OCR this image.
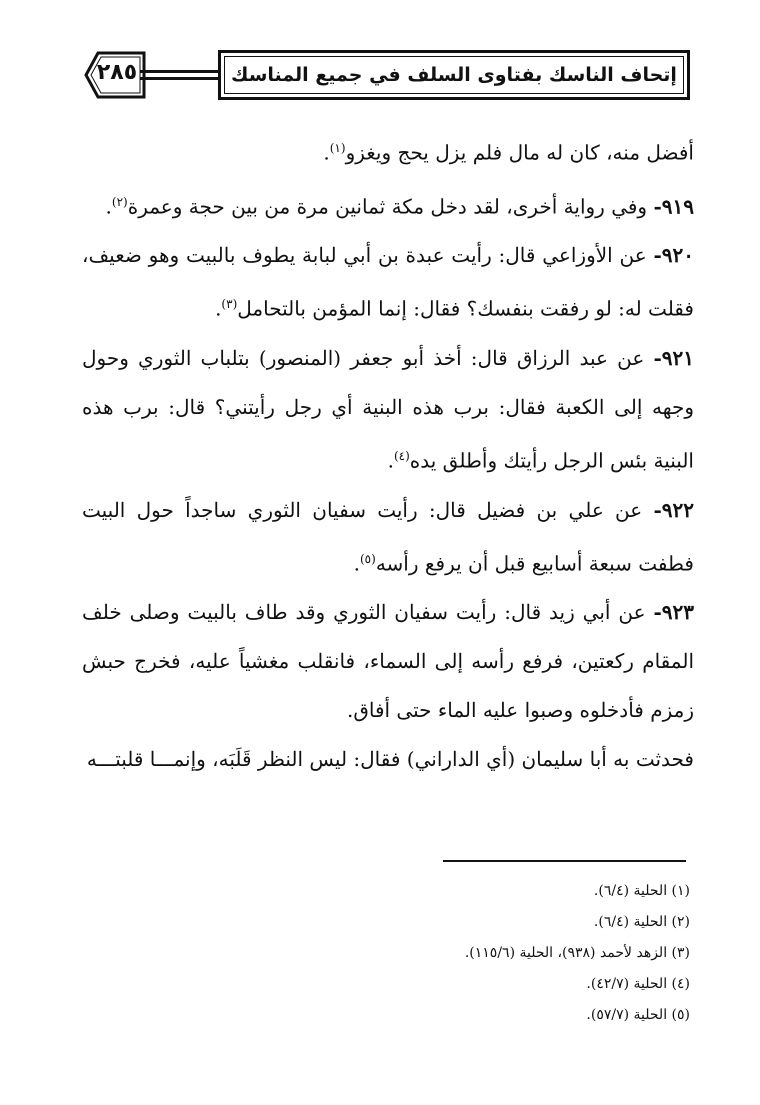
٢٨٥	إتحاف الناسك بفتاوى السلف في جميع المناسك

أفضل منه، كان له مال فلم يزل يحج ويغزو$^{(١)}$.

٩١٩- وفي رواية أخرى، لقد دخل مكة ثمانين مرة من بين حجة وعمرة$^{(٢)}$.

٩٢٠- عن الأوزاعي قال: رأيت عبدة بن أبي لبابة يطوف بالبيت وهو ضعيف، فقلت له: لو رفقت بنفسك؟ فقال: إنما المؤمن بالتحامل$^{(٣)}$.

٩٢١- عن عبد الرزاق قال: أخذ أبو جعفر (المنصور) بتلباب الثوري وحول وجهه إلى الكعبة فقال: برب هذه البنية أي رجل رأيتني؟ قال: برب هذه البنية بئس الرجل رأيتك وأطلق يده$^{(٤)}$.

٩٢٢- عن علي بن فضيل قال: رأيت سفيان الثوري ساجداً حول البيت فطفت سبعة أسابيع قبل أن يرفع رأسه$^{(٥)}$.

٩٢٣- عن أبي زيد قال: رأيت سفيان الثوري وقد طاف بالبيت وصلى خلف المقام ركعتين، فرفع رأسه إلى السماء، فانقلب مغشياً عليه، فخرج حبش زمزم فأدخلوه وصبوا عليه الماء حتى أفاق.

فحدثت به أبا سليمان (أي الداراني) فقال: ليس النظر قَلَبَه، وإنمـــا قلبتـــه

(١) الحلية (٦/٤).
(٢) الحلية (٦/٤).
(٣) الزهد لأحمد (٩٣٨)، الحلية (١١٥/٦).
(٤) الحلية (٤٢/٧).
(٥) الحلية (٥٧/٧).
